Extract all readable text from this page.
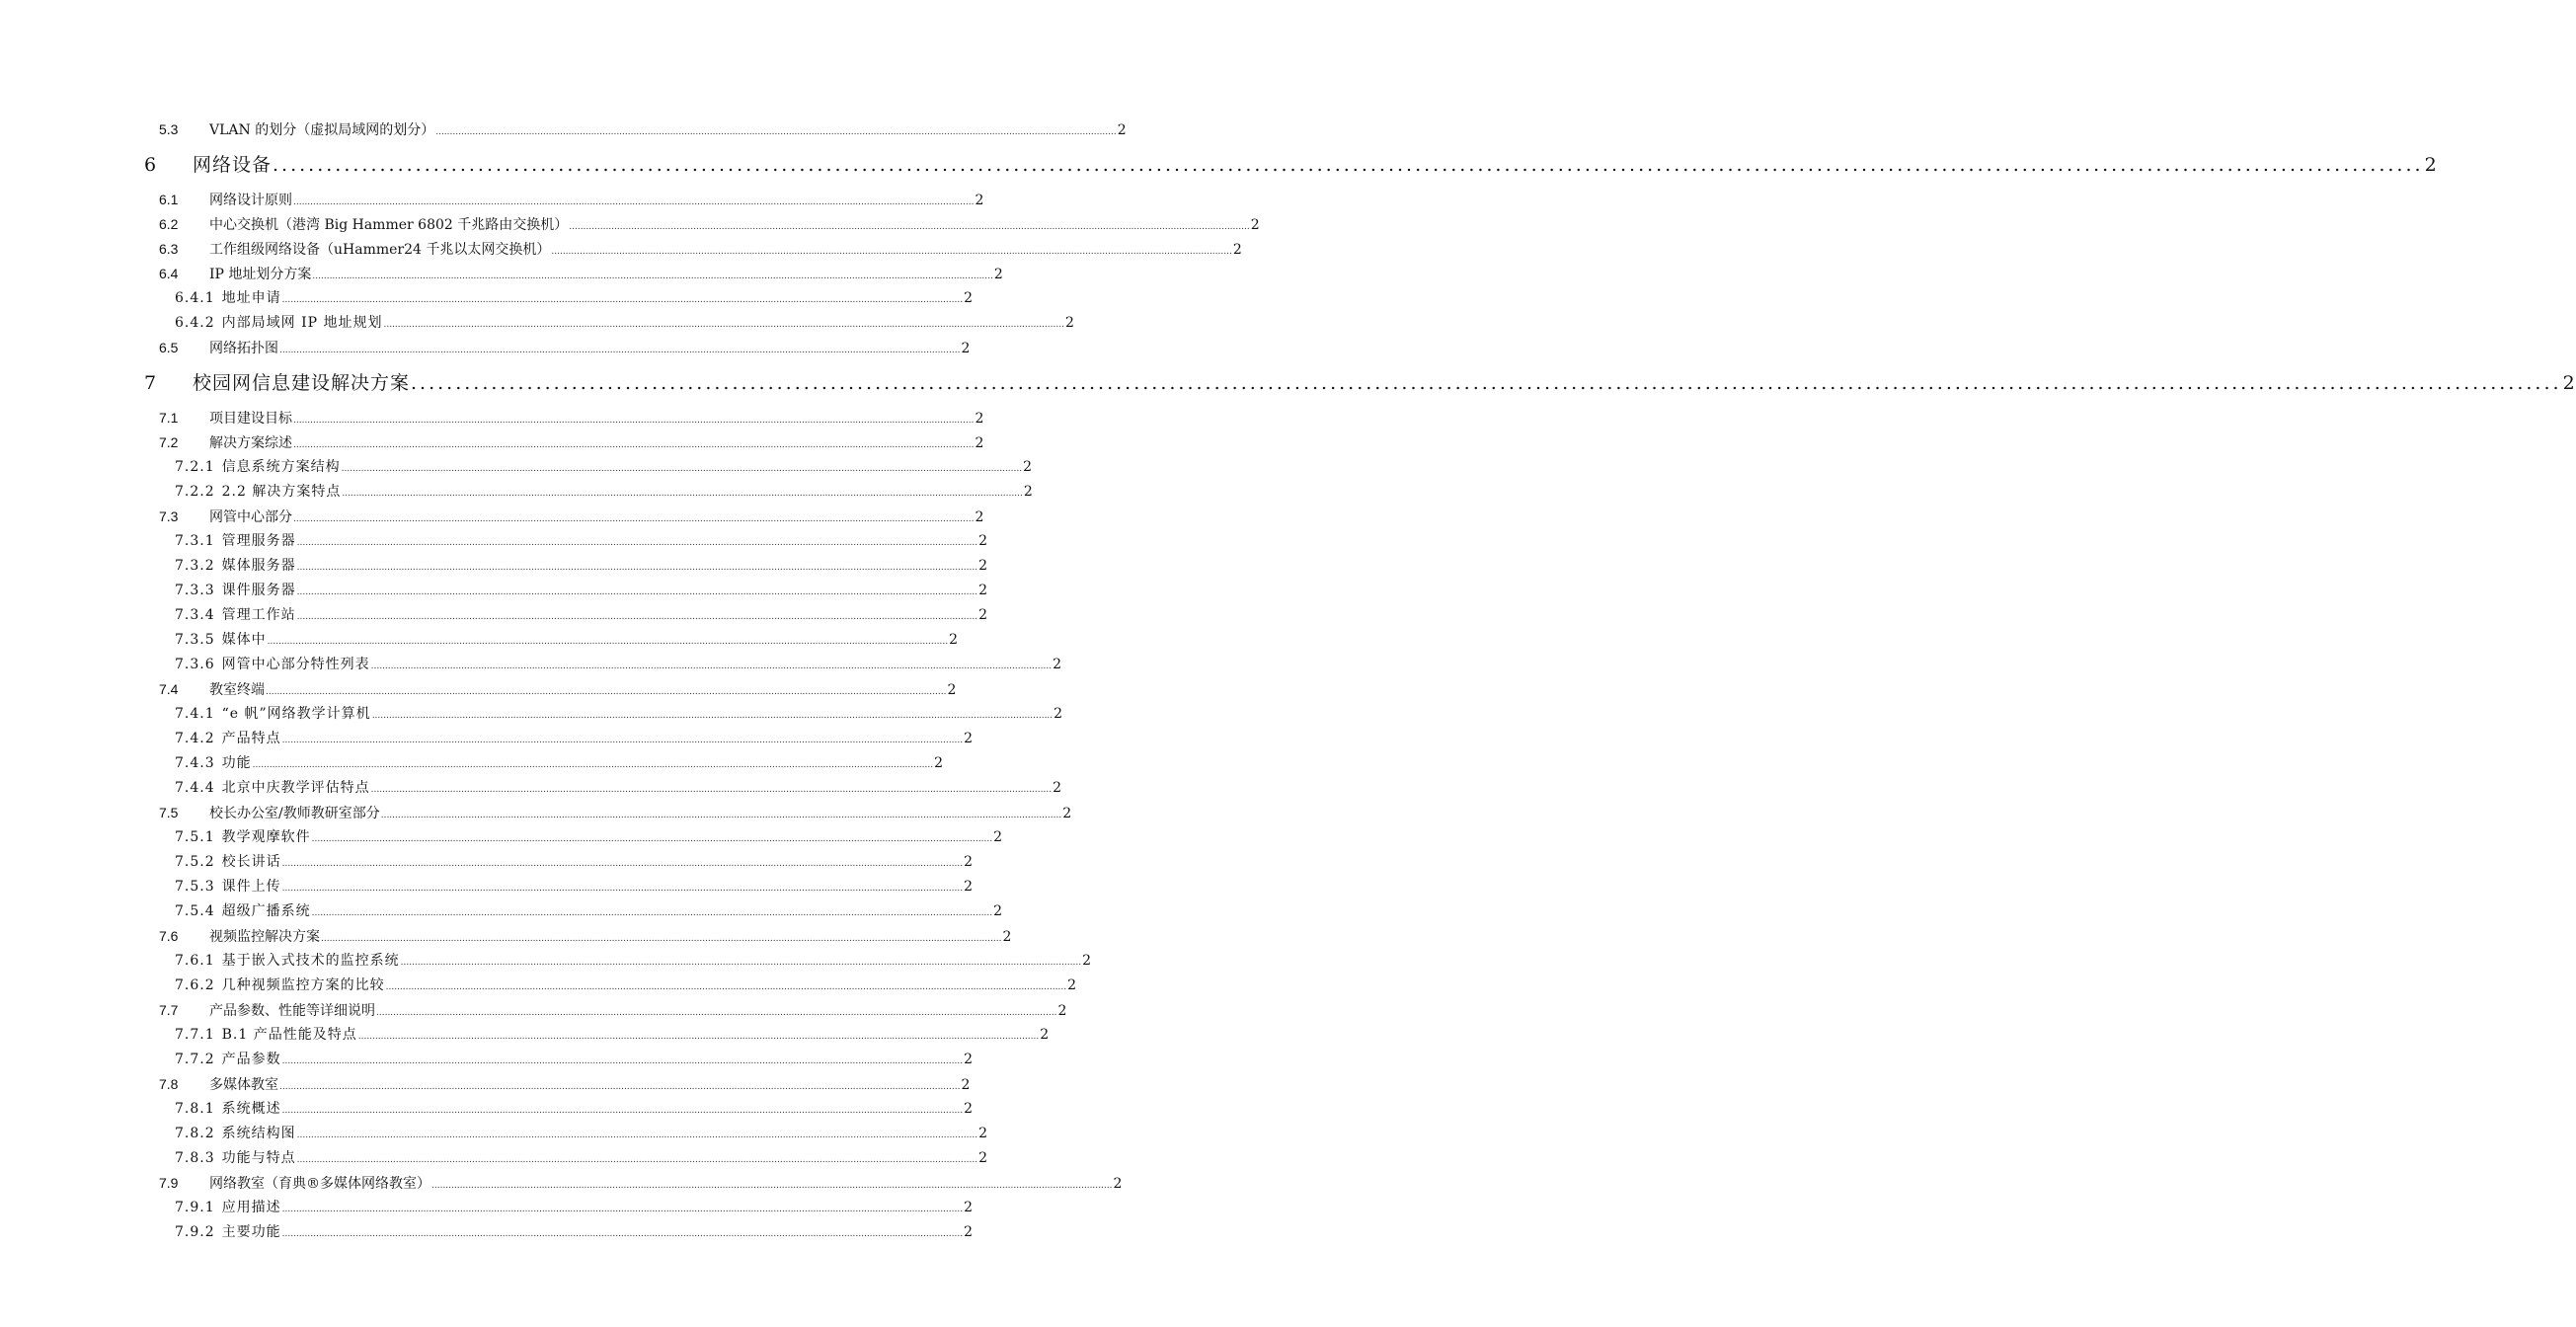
5.3	VLAN 的划分（虚拟局域网的划分） ................................................................................................................................................................................................................................................. 2
6	网络设备 ................................................................................................................................................................................................................................................. 2
6.1	网络设计原则 ................................................................................................................................................................................................................................................. 2
6.2	中心交换机（港湾 Big Hammer 6802 千兆路由交换机） ................................................................................................................................................................................................................................................. 2
6.3	工作组级网络设备（uHammer24 千兆以太网交换机） ................................................................................................................................................................................................................................................. 2
6.4	IP 地址划分方案 ................................................................................................................................................................................................................................................. 2
6.4.1 地址申请 ................................................................................................................................................................................................................................................. 2
6.4.2 内部局域网 IP 地址规划 ................................................................................................................................................................................................................................................. 2
6.5	网络拓扑图 ................................................................................................................................................................................................................................................. 2
7	校园网信息建设解决方案 ................................................................................................................................................................................................................................................. 2
7.1	项目建设目标 ................................................................................................................................................................................................................................................. 2
7.2	解决方案综述 ................................................................................................................................................................................................................................................. 2
7.2.1 信息系统方案结构 ................................................................................................................................................................................................................................................. 2
7.2.2 2.2 解决方案特点 ................................................................................................................................................................................................................................................. 2
7.3	网管中心部分 ................................................................................................................................................................................................................................................. 2
7.3.1 管理服务器 ................................................................................................................................................................................................................................................. 2
7.3.2 媒体服务器 ................................................................................................................................................................................................................................................. 2
7.3.3 课件服务器 ................................................................................................................................................................................................................................................. 2
7.3.4 管理工作站 ................................................................................................................................................................................................................................................. 2
7.3.5 媒体中 ................................................................................................................................................................................................................................................. 2
7.3.6 网管中心部分特性列表 ................................................................................................................................................................................................................................................. 2
7.4	教室终端 ................................................................................................................................................................................................................................................. 2
7.4.1 “e 帆”网络教学计算机 ................................................................................................................................................................................................................................................. 2
7.4.2 产品特点 ................................................................................................................................................................................................................................................. 2
7.4.3 功能 ................................................................................................................................................................................................................................................. 2
7.4.4 北京中庆教学评估特点 ................................................................................................................................................................................................................................................. 2
7.5	校长办公室/教师教研室部分 ................................................................................................................................................................................................................................................. 2
7.5.1 教学观摩软件 ................................................................................................................................................................................................................................................. 2
7.5.2 校长讲话 ................................................................................................................................................................................................................................................. 2
7.5.3 课件上传 ................................................................................................................................................................................................................................................. 2
7.5.4 超级广播系统 ................................................................................................................................................................................................................................................. 2
7.6	视频监控解决方案 ................................................................................................................................................................................................................................................. 2
7.6.1 基于嵌入式技术的监控系统 ................................................................................................................................................................................................................................................. 2
7.6.2 几种视频监控方案的比较 ................................................................................................................................................................................................................................................. 2
7.7	产品参数、性能等详细说明 ................................................................................................................................................................................................................................................. 2
7.7.1 B.1 产品性能及特点 ................................................................................................................................................................................................................................................. 2
7.7.2 产品参数 ................................................................................................................................................................................................................................................. 2
7.8	多媒体教室 ................................................................................................................................................................................................................................................. 2
7.8.1 系统概述 ................................................................................................................................................................................................................................................. 2
7.8.2 系统结构图 ................................................................................................................................................................................................................................................. 2
7.8.3 功能与特点 ................................................................................................................................................................................................................................................. 2
7.9	网络教室（育典®多媒体网络教室） ................................................................................................................................................................................................................................................. 2
7.9.1 应用描述 ................................................................................................................................................................................................................................................. 2
7.9.2 主要功能 ................................................................................................................................................................................................................................................. 2
